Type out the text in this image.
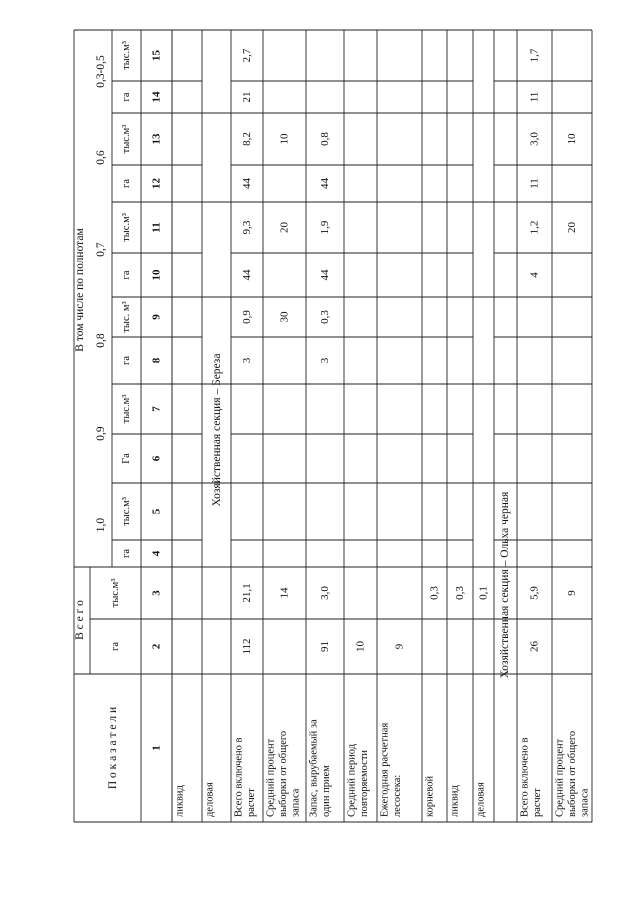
П о к а з а т е л и
В с е г о
В том числе по полнотам
1,0
0,9
0,8
0,7
0,6
0,3-0,5
га
тыс.м³
га
тыс.м³
Га
тыс.м³
га
тыс. м³
га
тыс.м³
га
тыс.м³
га
тыс.м³
1
2
3
4
5
6
7
8
9
10
11
12
13
14
15
ликвид деловая
Хозяйственная секция – Береза
Всего включено в расчет
112
21,1
3
0,9
44
9,3
44
8,2
21
2,7
Средний процент выборки от общего запаса
14
30
20
10
Запас, вырубаемый за один прием
91
3,0
3
0,3
44
1,9
44
0,8
Средний период повторяемости
10
Ежегодная расчетная лесосека:
9
корневой
0,3
ликвид
0,3
деловая
0,1 Хозяйственная секция – Ольха черная
Всего включено в расчет
26
5,9
4
1,2
11
3,0
11
1,7
Средний процент выборки от общего запаса
9
20
10
